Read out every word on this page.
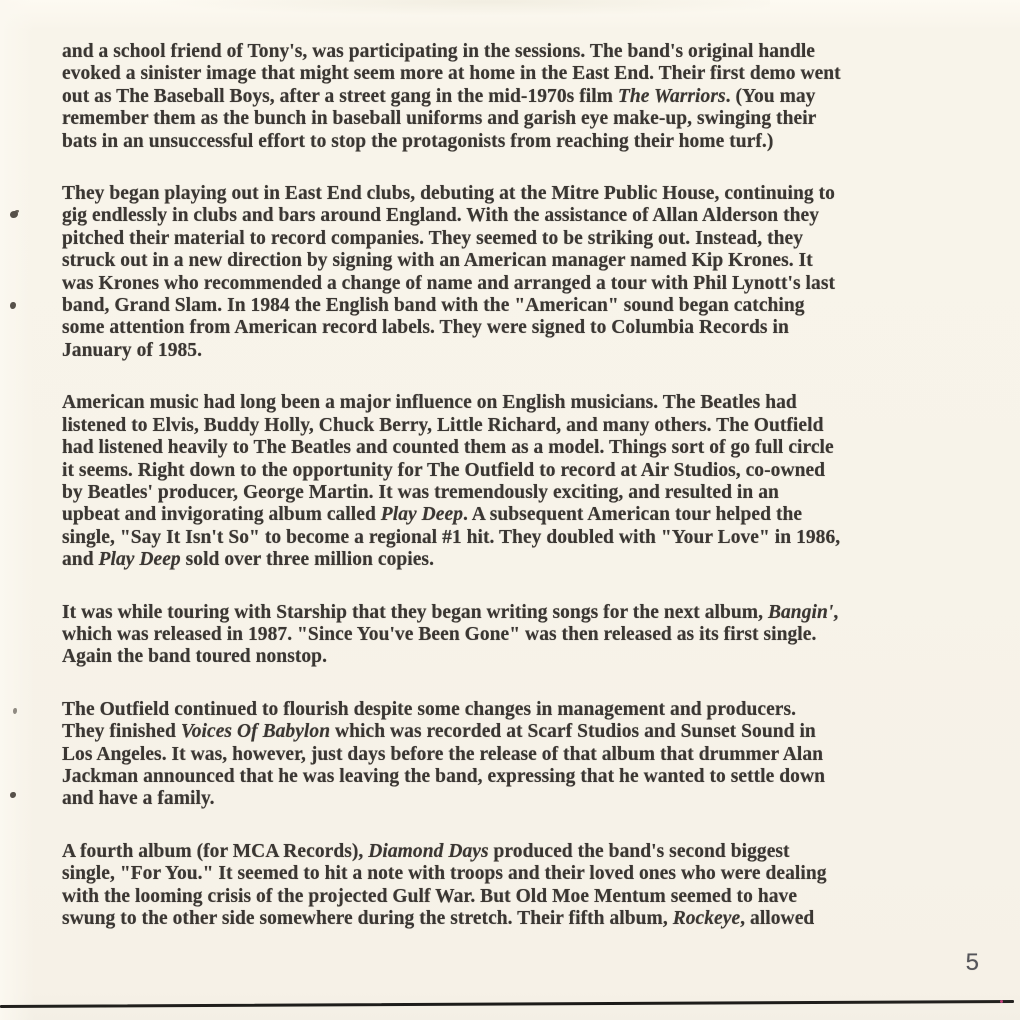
and a school friend of Tony's, was participating in the sessions. The band's original handle
evoked a sinister image that might seem more at home in the East End. Their first demo went
out as The Baseball Boys, after a street gang in the mid-1970s film The Warriors. (You may
remember them as the bunch in baseball uniforms and garish eye make-up, swinging their
bats in an unsuccessful effort to stop the protagonists from reaching their home turf.)

They began playing out in East End clubs, debuting at the Mitre Public House, continuing to
gig endlessly in clubs and bars around England. With the assistance of Allan Alderson they
pitched their material to record companies. They seemed to be striking out. Instead, they
struck out in a new direction by signing with an American manager named Kip Krones. It
was Krones who recommended a change of name and arranged a tour with Phil Lynott's last
band, Grand Slam. In 1984 the English band with the "American" sound began catching
some attention from American record labels. They were signed to Columbia Records in
January of 1985.

American music had long been a major influence on English musicians. The Beatles had
listened to Elvis, Buddy Holly, Chuck Berry, Little Richard, and many others. The Outfield
had listened heavily to The Beatles and counted them as a model. Things sort of go full circle
it seems. Right down to the opportunity for The Outfield to record at Air Studios, co-owned
by Beatles' producer, George Martin. It was tremendously exciting, and resulted in an
upbeat and invigorating album called Play Deep. A subsequent American tour helped the
single, "Say It Isn't So" to become a regional #1 hit. They doubled with "Your Love" in 1986,
and Play Deep sold over three million copies.

It was while touring with Starship that they began writing songs for the next album, Bangin',
which was released in 1987. "Since You've Been Gone" was then released as its first single.
Again the band toured nonstop.

The Outfield continued to flourish despite some changes in management and producers.
They finished Voices Of Babylon which was recorded at Scarf Studios and Sunset Sound in
Los Angeles. It was, however, just days before the release of that album that drummer Alan
Jackman announced that he was leaving the band, expressing that he wanted to settle down
and have a family.

A fourth album (for MCA Records), Diamond Days produced the band's second biggest
single, "For You." It seemed to hit a note with troops and their loved ones who were dealing
with the looming crisis of the projected Gulf War. But Old Moe Mentum seemed to have
swung to the other side somewhere during the stretch. Their fifth album, Rockeye, allowed

5
